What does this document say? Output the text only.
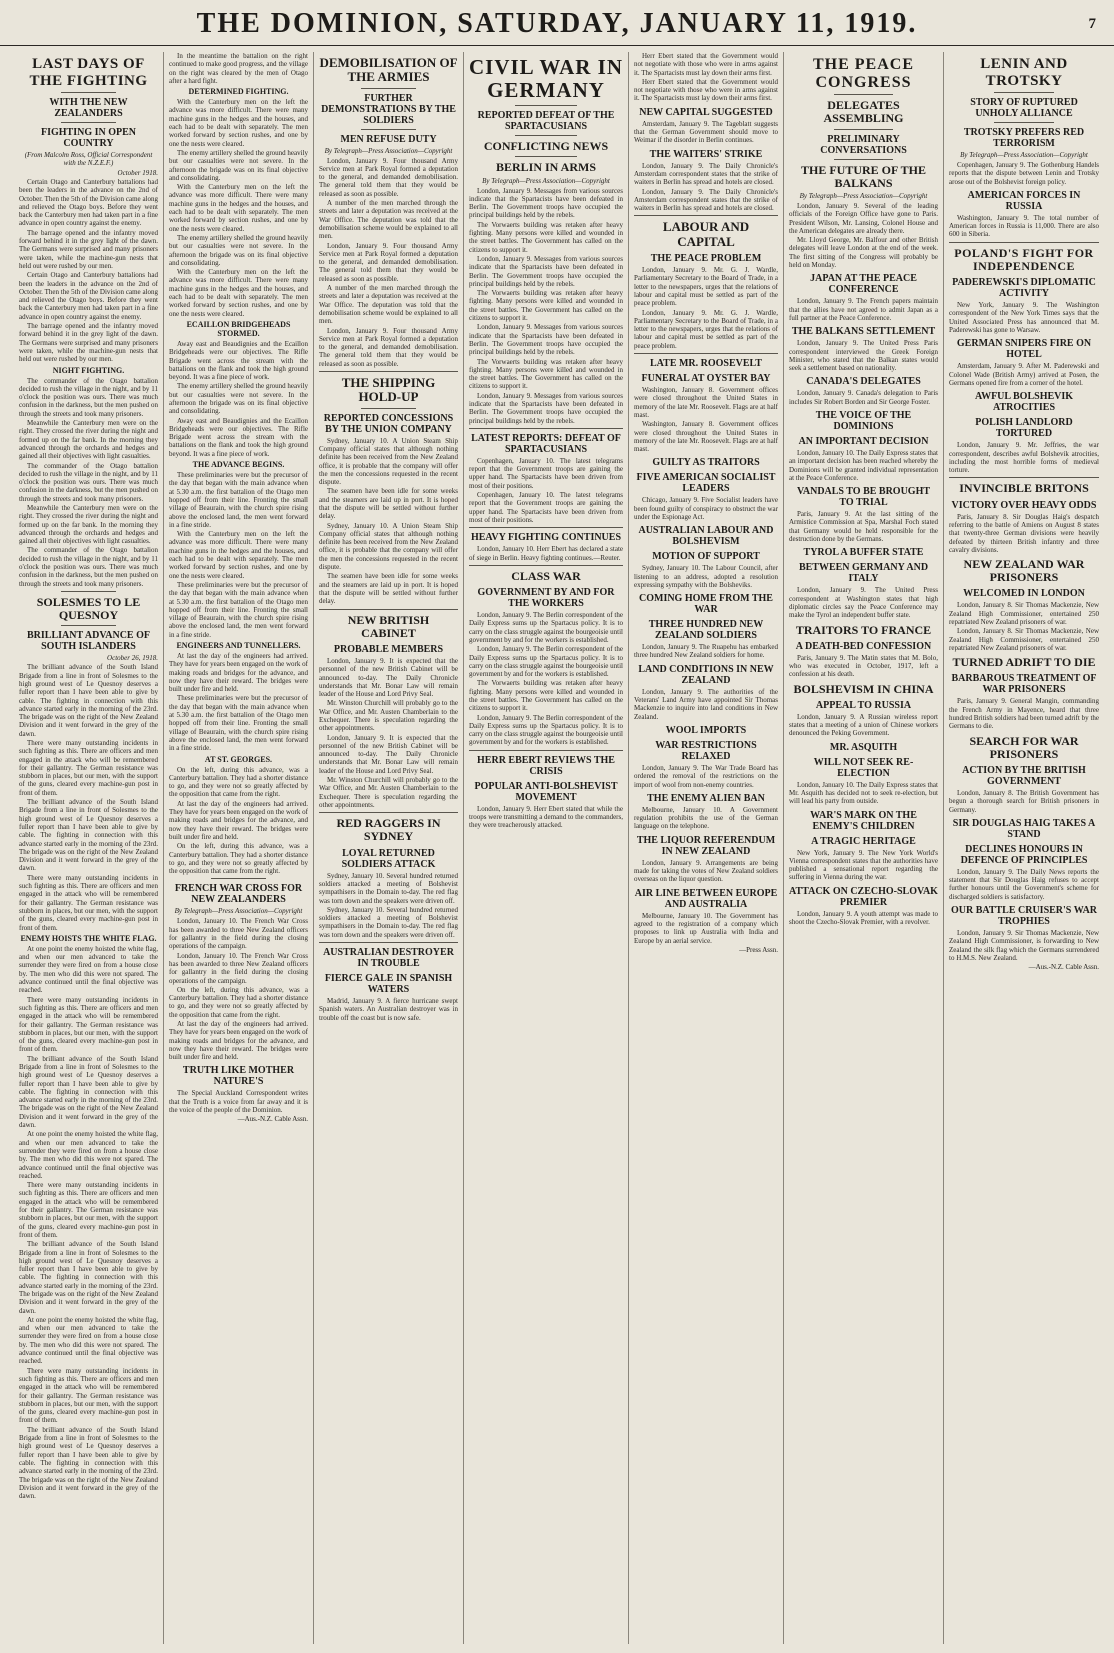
THE DOMINION, SATURDAY, JANUARY 11, 1919.	7
LAST DAYS OF THE FIGHTING
WITH THE NEW ZEALANDERS
FIGHTING IN OPEN COUNTRY
(From Malcolm Ross, Official Correspondent with the N.Z.E.F.)
October 1918.

Certain Otago and Canterbury battalions had been the leaders in the advance on the 2nd of October. Then the 5th of the Division came along and relieved the Otago boys. Before they went back the Canterbury men had taken part in a fine advance in open country against the enemy.

The barrage opened and the infantry moved forward behind it in the grey light of the dawn. The Germans were surprised and many prisoners were taken, while the machine-gun nests that held out were rushed by our men.

Certain Otago and Canterbury battalions had been the leaders in the advance on the 2nd of October. Then the 5th of the Division came along and relieved the Otago boys. Before they went back the Canterbury men had taken part in a fine advance in open country against the enemy.

The barrage opened and the infantry moved forward behind it in the grey light of the dawn. The Germans were surprised and many prisoners were taken, while the machine-gun nests that held out were rushed by our men.

NIGHT FIGHTING.

The commander of the Otago battalion decided to rush the village in the night, and by 11 o'clock the position was ours. There was much confusion in the darkness, but the men pushed on through the streets and took many prisoners.

Meanwhile the Canterbury men were on the right. They crossed the river during the night and formed up on the far bank. In the morning they advanced through the orchards and hedges and gained all their objectives with light casualties.

The commander of the Otago battalion decided to rush the village in the night, and by 11 o'clock the position was ours. There was much confusion in the darkness, but the men pushed on through the streets and took many prisoners.

Meanwhile the Canterbury men were on the right. They crossed the river during the night and formed up on the far bank. In the morning they advanced through the orchards and hedges and gained all their objectives with light casualties.

The commander of the Otago battalion decided to rush the village in the night, and by 11 o'clock the position was ours. There was much confusion in the darkness, but the men pushed on through the streets and took many prisoners.

SOLESMES TO LE QUESNOY
BRILLIANT ADVANCE OF SOUTH ISLANDERS
October 26, 1918.

The brilliant advance of the South Island Brigade from a line in front of Solesmes to the high ground west of Le Quesnoy deserves a fuller report than I have been able to give by cable. The fighting in connection with this advance started early in the morning of the 23rd. The brigade was on the right of the New Zealand Division and it went forward in the grey of the dawn.

There were many outstanding incidents in such fighting as this. There are officers and men engaged in the attack who will be remembered for their gallantry. The German resistance was stubborn in places, but our men, with the support of the guns, cleared every machine-gun post in front of them.

The brilliant advance of the South Island Brigade from a line in front of Solesmes to the high ground west of Le Quesnoy deserves a fuller report than I have been able to give by cable. The fighting in connection with this advance started early in the morning of the 23rd. The brigade was on the right of the New Zealand Division and it went forward in the grey of the dawn.

There were many outstanding incidents in such fighting as this. There are officers and men engaged in the attack who will be remembered for their gallantry. The German resistance was stubborn in places, but our men, with the support of the guns, cleared every machine-gun post in front of them.

ENEMY HOISTS THE WHITE FLAG.

At one point the enemy hoisted the white flag, and when our men advanced to take the surrender they were fired on from a house close by. The men who did this were not spared. The advance continued until the final objective was reached.

There were many outstanding incidents in such fighting as this. There are officers and men engaged in the attack who will be remembered for their gallantry. The German resistance was stubborn in places, but our men, with the support of the guns, cleared every machine-gun post in front of them.

The brilliant advance of the South Island Brigade from a line in front of Solesmes to the high ground west of Le Quesnoy deserves a fuller report than I have been able to give by cable. The fighting in connection with this advance started early in the morning of the 23rd. The brigade was on the right of the New Zealand Division and it went forward in the grey of the dawn.

At one point the enemy hoisted the white flag, and when our men advanced to take the surrender they were fired on from a house close by. The men who did this were not spared. The advance continued until the final objective was reached.

There were many outstanding incidents in such fighting as this. There are officers and men engaged in the attack who will be remembered for their gallantry. The German resistance was stubborn in places, but our men, with the support of the guns, cleared every machine-gun post in front of them.

The brilliant advance of the South Island Brigade from a line in front of Solesmes to the high ground west of Le Quesnoy deserves a fuller report than I have been able to give by cable. The fighting in connection with this advance started early in the morning of the 23rd. The brigade was on the right of the New Zealand Division and it went forward in the grey of the dawn.

At one point the enemy hoisted the white flag, and when our men advanced to take the surrender they were fired on from a house close by. The men who did this were not spared. The advance continued until the final objective was reached.

There were many outstanding incidents in such fighting as this. There are officers and men engaged in the attack who will be remembered for their gallantry. The German resistance was stubborn in places, but our men, with the support of the guns, cleared every machine-gun post in front of them.

The brilliant advance of the South Island Brigade from a line in front of Solesmes to the high ground west of Le Quesnoy deserves a fuller report than I have been able to give by cable. The fighting in connection with this advance started early in the morning of the 23rd. The brigade was on the right of the New Zealand Division and it went forward in the grey of the dawn.

In the meantime the battalion on the right continued to make good progress, and the village on the right was cleared by the men of Otago after a hard fight.

DETERMINED FIGHTING.

With the Canterbury men on the left the advance was more difficult. There were many machine guns in the hedges and the houses, and each had to be dealt with separately. The men worked forward by section rushes, and one by one the nests were cleared.

The enemy artillery shelled the ground heavily but our casualties were not severe. In the afternoon the brigade was on its final objective and consolidating.

With the Canterbury men on the left the advance was more difficult. There were many machine guns in the hedges and the houses, and each had to be dealt with separately. The men worked forward by section rushes, and one by one the nests were cleared.

The enemy artillery shelled the ground heavily but our casualties were not severe. In the afternoon the brigade was on its final objective and consolidating.

With the Canterbury men on the left the advance was more difficult. There were many machine guns in the hedges and the houses, and each had to be dealt with separately. The men worked forward by section rushes, and one by one the nests were cleared.

ECAILLON BRIDGEHEADS STORMED.

Away east and Beaudignies and the Ecaillon Bridgeheads were our objectives. The Rifle Brigade went across the stream with the battalions on the flank and took the high ground beyond. It was a fine piece of work.

The enemy artillery shelled the ground heavily but our casualties were not severe. In the afternoon the brigade was on its final objective and consolidating.

Away east and Beaudignies and the Ecaillon Bridgeheads were our objectives. The Rifle Brigade went across the stream with the battalions on the flank and took the high ground beyond. It was a fine piece of work.

THE ADVANCE BEGINS.

These preliminaries were but the precursor of the day that began with the main advance when at 5.30 a.m. the first battalion of the Otago men hopped off from their line. Fronting the small village of Beaurain, with the church spire rising above the enclosed land, the men went forward in a fine stride.

With the Canterbury men on the left the advance was more difficult. There were many machine guns in the hedges and the houses, and each had to be dealt with separately. The men worked forward by section rushes, and one by one the nests were cleared.

These preliminaries were but the precursor of the day that began with the main advance when at 5.30 a.m. the first battalion of the Otago men hopped off from their line. Fronting the small village of Beaurain, with the church spire rising above the enclosed land, the men went forward in a fine stride.

ENGINEERS AND TUNNELLERS.

At last the day of the engineers had arrived. They have for years been engaged on the work of making roads and bridges for the advance, and now they have their reward. The bridges were built under fire and held.

These preliminaries were but the precursor of the day that began with the main advance when at 5.30 a.m. the first battalion of the Otago men hopped off from their line. Fronting the small village of Beaurain, with the church spire rising above the enclosed land, the men went forward in a fine stride.

AT ST. GEORGES.

On the left, during this advance, was a Canterbury battalion. They had a shorter distance to go, and they were not so greatly affected by the opposition that came from the right.

At last the day of the engineers had arrived. They have for years been engaged on the work of making roads and bridges for the advance, and now they have their reward. The bridges were built under fire and held.

On the left, during this advance, was a Canterbury battalion. They had a shorter distance to go, and they were not so greatly affected by the opposition that came from the right.

FRENCH WAR CROSS FOR NEW ZEALANDERS
By Telegraph—Press Association—Copyright

London, January 10. The French War Cross has been awarded to three New Zealand officers for gallantry in the field during the closing operations of the campaign.

London, January 10. The French War Cross has been awarded to three New Zealand officers for gallantry in the field during the closing operations of the campaign.

On the left, during this advance, was a Canterbury battalion. They had a shorter distance to go, and they were not so greatly affected by the opposition that came from the right.

At last the day of the engineers had arrived. They have for years been engaged on the work of making roads and bridges for the advance, and now they have their reward. The bridges were built under fire and held.

TRUTH LIKE MOTHER NATURE'S

The Special Auckland Correspondent writes that the Truth is a voice from far away and it is the voice of the people of the Dominion.

—Aus.-N.Z. Cable Assn.
DEMOBILISATION OF THE ARMIES
FURTHER DEMONSTRATIONS BY THE SOLDIERS
MEN REFUSE DUTY
By Telegraph—Press Association—Copyright

London, January 9. Four thousand Army Service men at Park Royal formed a deputation to the general, and demanded demobilisation. The general told them that they would be released as soon as possible.

A number of the men marched through the streets and later a deputation was received at the War Office. The deputation was told that the demobilisation scheme would be explained to all men.

London, January 9. Four thousand Army Service men at Park Royal formed a deputation to the general, and demanded demobilisation. The general told them that they would be released as soon as possible.

A number of the men marched through the streets and later a deputation was received at the War Office. The deputation was told that the demobilisation scheme would be explained to all men.

London, January 9. Four thousand Army Service men at Park Royal formed a deputation to the general, and demanded demobilisation. The general told them that they would be released as soon as possible.

THE SHIPPING HOLD-UP
REPORTED CONCESSIONS BY THE UNION COMPANY

Sydney, January 10. A Union Steam Ship Company official states that although nothing definite has been received from the New Zealand office, it is probable that the company will offer the men the concessions requested in the recent dispute.

The seamen have been idle for some weeks and the steamers are laid up in port. It is hoped that the dispute will be settled without further delay.

Sydney, January 10. A Union Steam Ship Company official states that although nothing definite has been received from the New Zealand office, it is probable that the company will offer the men the concessions requested in the recent dispute.

The seamen have been idle for some weeks and the steamers are laid up in port. It is hoped that the dispute will be settled without further delay.

NEW BRITISH CABINET
PROBABLE MEMBERS

London, January 9. It is expected that the personnel of the new British Cabinet will be announced to-day. The Daily Chronicle understands that Mr. Bonar Law will remain leader of the House and Lord Privy Seal.

Mr. Winston Churchill will probably go to the War Office, and Mr. Austen Chamberlain to the Exchequer. There is speculation regarding the other appointments.

London, January 9. It is expected that the personnel of the new British Cabinet will be announced to-day. The Daily Chronicle understands that Mr. Bonar Law will remain leader of the House and Lord Privy Seal.

Mr. Winston Churchill will probably go to the War Office, and Mr. Austen Chamberlain to the Exchequer. There is speculation regarding the other appointments.

RED RAGGERS IN SYDNEY
LOYAL RETURNED SOLDIERS ATTACK

Sydney, January 10. Several hundred returned soldiers attacked a meeting of Bolshevist sympathisers in the Domain to-day. The red flag was torn down and the speakers were driven off.

Sydney, January 10. Several hundred returned soldiers attacked a meeting of Bolshevist sympathisers in the Domain to-day. The red flag was torn down and the speakers were driven off.

AUSTRALIAN DESTROYER IN TROUBLE
FIERCE GALE IN SPANISH WATERS

Madrid, January 9. A fierce hurricane swept Spanish waters. An Australian destroyer was in trouble off the coast but is now safe.

CIVIL WAR IN GERMANY
REPORTED DEFEAT OF THE SPARTACUSIANS
CONFLICTING NEWS
BERLIN IN ARMS
By Telegraph—Press Association—Copyright

London, January 9. Messages from various sources indicate that the Spartacists have been defeated in Berlin. The Government troops have occupied the principal buildings held by the rebels.

The Vorwaerts building was retaken after heavy fighting. Many persons were killed and wounded in the street battles. The Government has called on the citizens to support it.

London, January 9. Messages from various sources indicate that the Spartacists have been defeated in Berlin. The Government troops have occupied the principal buildings held by the rebels.

The Vorwaerts building was retaken after heavy fighting. Many persons were killed and wounded in the street battles. The Government has called on the citizens to support it.

London, January 9. Messages from various sources indicate that the Spartacists have been defeated in Berlin. The Government troops have occupied the principal buildings held by the rebels.

The Vorwaerts building was retaken after heavy fighting. Many persons were killed and wounded in the street battles. The Government has called on the citizens to support it.

London, January 9. Messages from various sources indicate that the Spartacists have been defeated in Berlin. The Government troops have occupied the principal buildings held by the rebels.

LATEST REPORTS: DEFEAT OF SPARTACUSIANS

Copenhagen, January 10. The latest telegrams report that the Government troops are gaining the upper hand. The Spartacists have been driven from most of their positions.

Copenhagen, January 10. The latest telegrams report that the Government troops are gaining the upper hand. The Spartacists have been driven from most of their positions.

HEAVY FIGHTING CONTINUES

London, January 10. Herr Ebert has declared a state of siege in Berlin. Heavy fighting continues.—Reuter.

CLASS WAR
GOVERNMENT BY AND FOR THE WORKERS

London, January 9. The Berlin correspondent of the Daily Express sums up the Spartacus policy. It is to carry on the class struggle against the bourgeoisie until government by and for the workers is established.

London, January 9. The Berlin correspondent of the Daily Express sums up the Spartacus policy. It is to carry on the class struggle against the bourgeoisie until government by and for the workers is established.

The Vorwaerts building was retaken after heavy fighting. Many persons were killed and wounded in the street battles. The Government has called on the citizens to support it.

London, January 9. The Berlin correspondent of the Daily Express sums up the Spartacus policy. It is to carry on the class struggle against the bourgeoisie until government by and for the workers is established.

HERR EBERT REVIEWS THE CRISIS
POPULAR ANTI-BOLSHEVIST MOVEMENT

London, January 9. Herr Ebert stated that while the troops were transmitting a demand to the commanders, they were treacherously attacked.

Herr Ebert stated that the Government would not negotiate with those who were in arms against it. The Spartacists must lay down their arms first.

Herr Ebert stated that the Government would not negotiate with those who were in arms against it. The Spartacists must lay down their arms first.

NEW CAPITAL SUGGESTED

Amsterdam, January 9. The Tageblatt suggests that the German Government should move to Weimar if the disorder in Berlin continues.

THE WAITERS' STRIKE

London, January 9. The Daily Chronicle's Amsterdam correspondent states that the strike of waiters in Berlin has spread and hotels are closed.

London, January 9. The Daily Chronicle's Amsterdam correspondent states that the strike of waiters in Berlin has spread and hotels are closed.

LABOUR AND CAPITAL
THE PEACE PROBLEM

London, January 9. Mr. G. J. Wardle, Parliamentary Secretary to the Board of Trade, in a letter to the newspapers, urges that the relations of labour and capital must be settled as part of the peace problem.

London, January 9. Mr. G. J. Wardle, Parliamentary Secretary to the Board of Trade, in a letter to the newspapers, urges that the relations of labour and capital must be settled as part of the peace problem.

LATE MR. ROOSEVELT
FUNERAL AT OYSTER BAY

Washington, January 8. Government offices were closed throughout the United States in memory of the late Mr. Roosevelt. Flags are at half mast.

Washington, January 8. Government offices were closed throughout the United States in memory of the late Mr. Roosevelt. Flags are at half mast.

GUILTY AS TRAITORS
FIVE AMERICAN SOCIALIST LEADERS

Chicago, January 9. Five Socialist leaders have been found guilty of conspiracy to obstruct the war under the Espionage Act.

AUSTRALIAN LABOUR AND BOLSHEVISM
MOTION OF SUPPORT

Sydney, January 10. The Labour Council, after listening to an address, adopted a resolution expressing sympathy with the Bolsheviks.

COMING HOME FROM THE WAR
THREE HUNDRED NEW ZEALAND SOLDIERS

London, January 9. The Ruapehu has embarked three hundred New Zealand soldiers for home.

LAND CONDITIONS IN NEW ZEALAND

London, January 9. The authorities of the Veterans' Land Army have appointed Sir Thomas Mackenzie to inquire into land conditions in New Zealand.

WOOL IMPORTS
WAR RESTRICTIONS RELAXED

London, January 9. The War Trade Board has ordered the removal of the restrictions on the import of wool from non-enemy countries.

THE ENEMY ALIEN BAN

Melbourne, January 10. A Government regulation prohibits the use of the German language on the telephone.

THE LIQUOR REFERENDUM IN NEW ZEALAND

London, January 9. Arrangements are being made for taking the votes of New Zealand soldiers overseas on the liquor question.

AIR LINE BETWEEN EUROPE AND AUSTRALIA

Melbourne, January 10. The Government has agreed to the registration of a company which proposes to link up Australia with India and Europe by an aerial service.

—Press Assn.
THE PEACE CONGRESS
DELEGATES ASSEMBLING
PRELIMINARY CONVERSATIONS
THE FUTURE OF THE BALKANS
By Telegraph—Press Association—Copyright

London, January 9. Several of the leading officials of the Foreign Office have gone to Paris. President Wilson, Mr. Lansing, Colonel House and the American delegates are already there.

Mr. Lloyd George, Mr. Balfour and other British delegates will leave London at the end of the week. The first sitting of the Congress will probably be held on Monday.

JAPAN AT THE PEACE CONFERENCE

London, January 9. The French papers maintain that the allies have not agreed to admit Japan as a full partner at the Peace Conference.

THE BALKANS SETTLEMENT

London, January 9. The United Press Paris correspondent interviewed the Greek Foreign Minister, who stated that the Balkan states would seek a settlement based on nationality.

CANADA'S DELEGATES

London, January 9. Canada's delegation to Paris includes Sir Robert Borden and Sir George Foster.

THE VOICE OF THE DOMINIONS
AN IMPORTANT DECISION

London, January 10. The Daily Express states that an important decision has been reached whereby the Dominions will be granted individual representation at the Peace Conference.

VANDALS TO BE BROUGHT TO TRIAL

Paris, January 9. At the last sitting of the Armistice Commission at Spa, Marshal Foch stated that Germany would be held responsible for the destruction done by the Germans.

TYROL A BUFFER STATE
BETWEEN GERMANY AND ITALY

London, January 9. The United Press correspondent at Washington states that high diplomatic circles say the Peace Conference may make the Tyrol an independent buffer state.

TRAITORS TO FRANCE
A DEATH-BED CONFESSION

Paris, January 9. The Matin states that M. Bolo, who was executed in October, 1917, left a confession at his death.

BOLSHEVISM IN CHINA
APPEAL TO RUSSIA

London, January 9. A Russian wireless report states that a meeting of a union of Chinese workers denounced the Peking Government.

MR. ASQUITH
WILL NOT SEEK RE-ELECTION

London, January 10. The Daily Express states that Mr. Asquith has decided not to seek re-election, but will lead his party from outside.

WAR'S MARK ON THE ENEMY'S CHILDREN
A TRAGIC HERITAGE

New York, January 9. The New York World's Vienna correspondent states that the authorities have published a sensational report regarding the suffering in Vienna during the war.

ATTACK ON CZECHO-SLOVAK PREMIER

London, January 9. A youth attempt was made to shoot the Czecho-Slovak Premier, with a revolver.

LENIN AND TROTSKY
STORY OF RUPTURED UNHOLY ALLIANCE
TROTSKY PREFERS RED TERRORISM
By Telegraph—Press Association—Copyright

Copenhagen, January 9. The Gothenburg Handels reports that the dispute between Lenin and Trotsky arose out of the Bolshevist foreign policy.

AMERICAN FORCES IN RUSSIA

Washington, January 9. The total number of American forces in Russia is 11,000. There are also 600 in Siberia.

POLAND'S FIGHT FOR INDEPENDENCE
PADEREWSKI'S DIPLOMATIC ACTIVITY

New York, January 9. The Washington correspondent of the New York Times says that the United Associated Press has announced that M. Paderewski has gone to Warsaw.

GERMAN SNIPERS FIRE ON HOTEL

Amsterdam, January 9. After M. Paderewski and Colonel Wade (British Army) arrived at Posen, the Germans opened fire from a corner of the hotel.

AWFUL BOLSHEVIK ATROCITIES
POLISH LANDLORD TORTURED

London, January 9. Mr. Jeffries, the war correspondent, describes awful Bolshevik atrocities, including the most horrible forms of medieval torture.

INVINCIBLE BRITONS
VICTORY OVER HEAVY ODDS

Paris, January 8. Sir Douglas Haig's despatch referring to the battle of Amiens on August 8 states that twenty-three German divisions were heavily defeated by thirteen British infantry and three cavalry divisions.

NEW ZEALAND WAR PRISONERS
WELCOMED IN LONDON

London, January 8. Sir Thomas Mackenzie, New Zealand High Commissioner, entertained 250 repatriated New Zealand prisoners of war.

London, January 8. Sir Thomas Mackenzie, New Zealand High Commissioner, entertained 250 repatriated New Zealand prisoners of war.

TURNED ADRIFT TO DIE
BARBAROUS TREATMENT OF WAR PRISONERS

Paris, January 9. General Mangin, commanding the French Army in Mayence, heard that three hundred British soldiers had been turned adrift by the Germans to die.

SEARCH FOR WAR PRISONERS
ACTION BY THE BRITISH GOVERNMENT

London, January 8. The British Government has begun a thorough search for British prisoners in Germany.

SIR DOUGLAS HAIG TAKES A STAND
DECLINES HONOURS IN DEFENCE OF PRINCIPLES

London, January 9. The Daily News reports the statement that Sir Douglas Haig refuses to accept further honours until the Government's scheme for discharged soldiers is satisfactory.

OUR BATTLE CRUISER'S WAR TROPHIES

London, January 9. Sir Thomas Mackenzie, New Zealand High Commissioner, is forwarding to New Zealand the silk flag which the Germans surrendered to H.M.S. New Zealand.

—Aus.-N.Z. Cable Assn.
